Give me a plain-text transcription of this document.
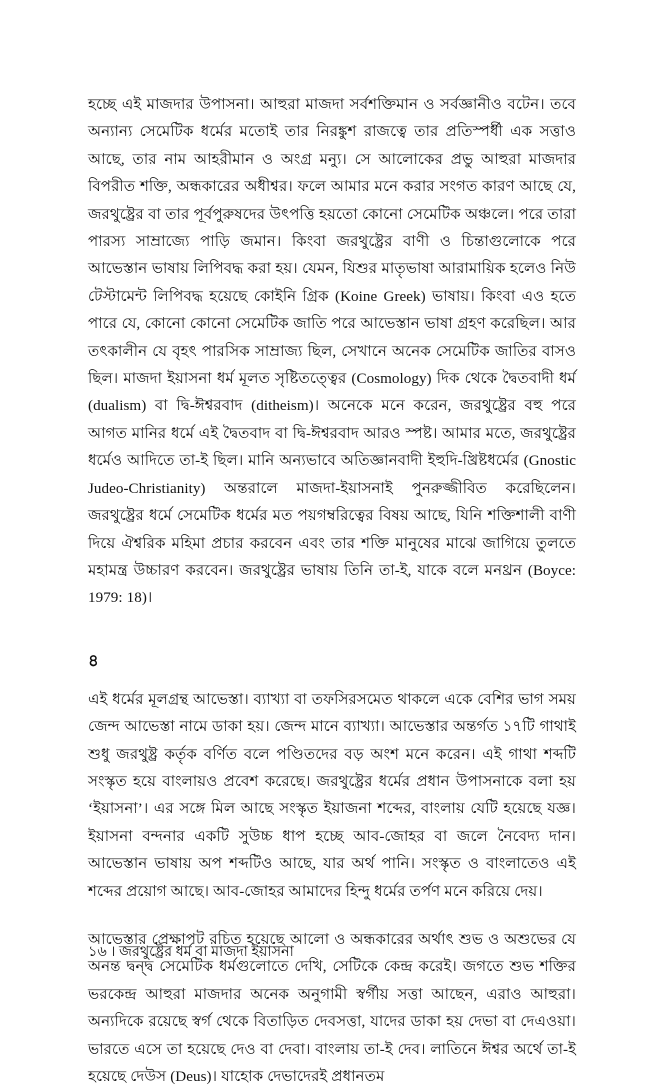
হচ্ছে এই মাজদার উপাসনা। আহুরা মাজদা সর্বশক্তিমান ও সর্বজ্ঞানীও বটেন। তবে অন্যান্য সেমেটিক ধর্মের মতোই তার নিরঙ্কুশ রাজত্বে তার প্রতিস্পর্ধী এক সত্তাও আছে, তার নাম আহরীমান ও অংগ্র মন্যু। সে আলোকের প্রভু আহুরা মাজদার বিপরীত শক্তি, অন্ধকারের অধীশ্বর। ফলে আমার মনে করার সংগত কারণ আছে যে, জরথুষ্ট্রের বা তার পূর্বপুরুষদের উৎপত্তি হয়তো কোনো সেমেটিক অঞ্চলে। পরে তারা পারস্য সাম্রাজ্যে পাড়ি জমান। কিংবা জরথুষ্ট্রের বাণী ও চিন্তাগুলোকে পরে আভেস্তান ভাষায় লিপিবদ্ধ করা হয়। যেমন, যিশুর মাতৃভাষা আরামায়িক হলেও নিউ টেস্টামেন্ট লিপিবদ্ধ হয়েছে কোইনি গ্রিক (Koine Greek) ভাষায়। কিংবা এও হতে পারে যে, কোনো কোনো সেমেটিক জাতি পরে আভেস্তান ভাষা গ্রহণ করেছিল। আর তৎকালীন যে বৃহৎ পারসিক সাম্রাজ্য ছিল, সেখানে অনেক সেমেটিক জাতির বাসও ছিল। মাজদা ইয়াসনা ধর্ম মূলত সৃষ্টিতত্ত্বের (Cosmology) দিক থেকে দ্বৈতবাদী ধর্ম (dualism) বা দ্বি-ঈশ্বরবাদ (ditheism)। অনেকে মনে করেন, জরথুষ্ট্রের বহু পরে আগত মানির ধর্মে এই দ্বৈতবাদ বা দ্বি-ঈশ্বরবাদ আরও স্পষ্ট। আমার মতে, জরথুষ্ট্রের ধর্মেও আদিতে তা-ই ছিল। মানি অন্যভাবে অতিজ্ঞানবাদী ইহুদি-খ্রিষ্টধর্মের (Gnostic Judeo-Christianity) অন্তরালে মাজদা-ইয়াসনাই পুনরুজ্জীবিত করেছিলেন। জরথুষ্ট্রের ধর্মে সেমেটিক ধর্মের মত পয়গম্বরিত্বের বিষয় আছে, যিনি শক্তিশালী বাণী দিয়ে ঐশ্বরিক মহিমা প্রচার করবেন এবং তার শক্তি মানুষের মাঝে জাগিয়ে তুলতে মহামন্ত্র উচ্চারণ করবেন। জরথুষ্ট্রের ভাষায় তিনি তা-ই, যাকে বলে মনথ্রন (Boyce: 1979: 18)।

৪

এই ধর্মের মূলগ্রন্থ আভেস্তা। ব্যাখ্যা বা তফসিরসমেত থাকলে একে বেশির ভাগ সময় জেন্দ আভেস্তা নামে ডাকা হয়। জেন্দ মানে ব্যাখ্যা। আভেস্তার অন্তর্গত ১৭টি গাথাই শুধু জরথুষ্ট্র কর্তৃক বর্ণিত বলে পণ্ডিতদের বড় অংশ মনে করেন। এই গাথা শব্দটি সংস্কৃত হয়ে বাংলায়ও প্রবেশ করেছে। জরথুষ্ট্রের ধর্মের প্রধান উপাসনাকে বলা হয় ‘ইয়াসনা’। এর সঙ্গে মিল আছে সংস্কৃত ইয়াজনা শব্দের, বাংলায় যেটি হয়েছে যজ্ঞ। ইয়াসনা বন্দনার একটি সুউচ্চ ধাপ হচ্ছে আব-জোহর বা জলে নৈবেদ্য দান। আভেস্তান ভাষায় অপ শব্দটিও আছে, যার অর্থ পানি। সংস্কৃত ও বাংলাতেও এই শব্দের প্রয়োগ আছে। আব-জোহর আমাদের হিন্দু ধর্মের তর্পণ মনে করিয়ে দেয়।

আভেস্তার প্রেক্ষাপট রচিত হয়েছে আলো ও অন্ধকারের অর্থাৎ শুভ ও অশুভের যে অনন্ত দ্বন্দ্ব সেমেটিক ধর্মগুলোতে দেখি, সেটিকে কেন্দ্র করেই। জগতে শুভ শক্তির ভরকেন্দ্র আহুরা মাজদার অনেক অনুগামী স্বর্গীয় সত্তা আছেন, এরাও আহুরা। অন্যদিকে রয়েছে স্বর্গ থেকে বিতাড়িত দেবসত্তা, যাদের ডাকা হয় দেভা বা দেএওয়া। ভারতে এসে তা হয়েছে দেও বা দেবা। বাংলায় তা-ই দেব। লাতিনে ঈশ্বর অর্থে তা-ই হয়েছে দেউস (Deus)। যাহোক দেভাদেরই প্রধানতম

১৬ । জরথুষ্ট্রের ধর্ম বা মাজদা ইয়াসনা
